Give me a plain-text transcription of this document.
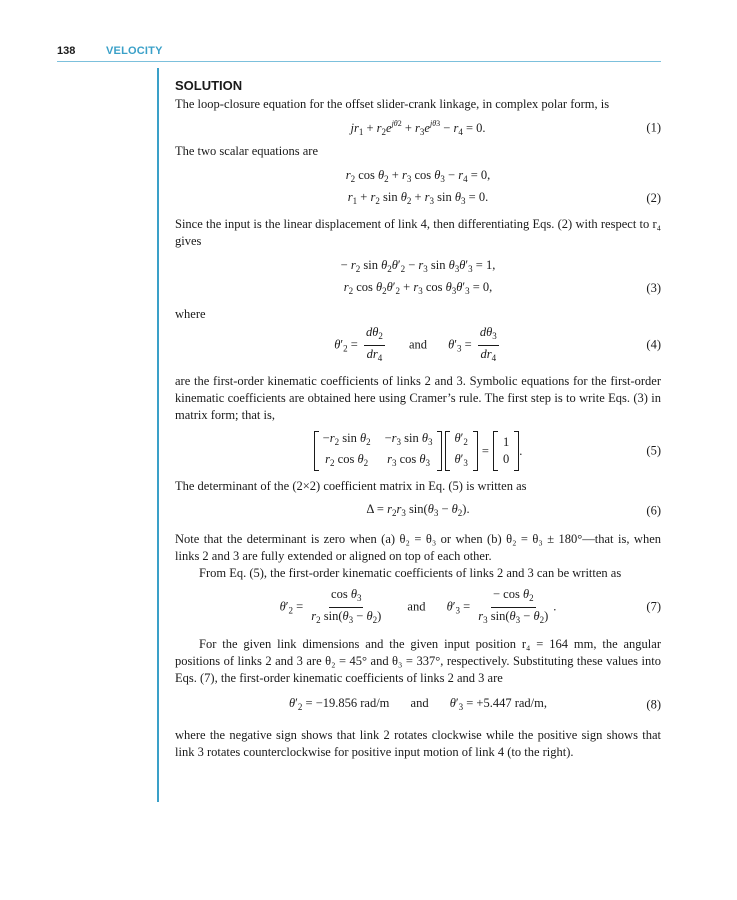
138	VELOCITY
SOLUTION

The loop-closure equation for the offset slider-crank linkage, in complex polar form, is

$jr_1 + r_2e^{j\theta 2} + r_3e^{j\theta 3} - r_4 = 0$.	(1)

The two scalar equations are

$r_2$ $\cos \theta_2 + r_3$ $\cos \theta_3 - r_4 = 0$,
$r_1 + r_2$ $\sin \theta_2 + r_3$ $\sin \theta_3 = 0$.	(2)

Since the input is the linear displacement of link 4, then differentiating Eqs. (2) with respect to r₄ gives

− $r_2$ $\sin \theta_2\theta'_2 - r_3$ $\sin \theta_3\theta'_3 = 1$,
$r_2$ $\cos \theta_2\theta'_2 + r_3$ $\cos \theta_3\theta'_3 = 0$,	(3)

where

$\theta'_2 = \frac{d\theta_2}{dr_4}$ and $\theta'_3 = \frac{d\theta_3}{dr_4}$	(4)

are the first-order kinematic coefficients of links 2 and 3. Symbolic equations for the first-order kinematic coefficients are obtained here using Cramer’s rule. The first step is to write Eqs. (3) in matrix form; that is,

$-r_2$ $\sin \theta_2 -r_3$ $\sin \theta_3$
$r_2$ $\cos \theta_2$ $r_3$ $\cos \theta_3$
$\theta'_2$
$\theta'_3$
=
1
0
.	(5)

The determinant of the (2×2) coefficient matrix in Eq. (5) is written as

$\Delta = r_2r_3$ $\sin(\theta_3 - \theta_2)$.	(6)

Note that the determinant is zero when (a) θ₂ = θ₃ or when (b) θ₂ = θ₃ ± 180°—that is, when links 2 and 3 are fully extended or aligned on top of each other.

From Eq. (5), the first-order kinematic coefficients of links 2 and 3 can be written as

$\theta'_2 = \frac{\cos \theta_3}{r_2 \sin(\theta_3 - \theta_2)}$ and $\theta'_3 = \frac{- \cos \theta_2}{r_3 \sin(\theta_3 - \theta_2)}$ .	(7)

For the given link dimensions and the given input position r₄ = 164 mm, the angular positions of links 2 and 3 are θ₂ = 45° and θ₃ = 337°, respectively. Substituting these values into Eqs. (7), the first-order kinematic coefficients of links 2 and 3 are

$\theta'_2 = -19.856$ rad/m and $\theta'_3 = +5.447$ rad/m,	(8)

where the negative sign shows that link 2 rotates clockwise while the positive sign shows that link 3 rotates counterclockwise for positive input motion of link 4 (to the right).
